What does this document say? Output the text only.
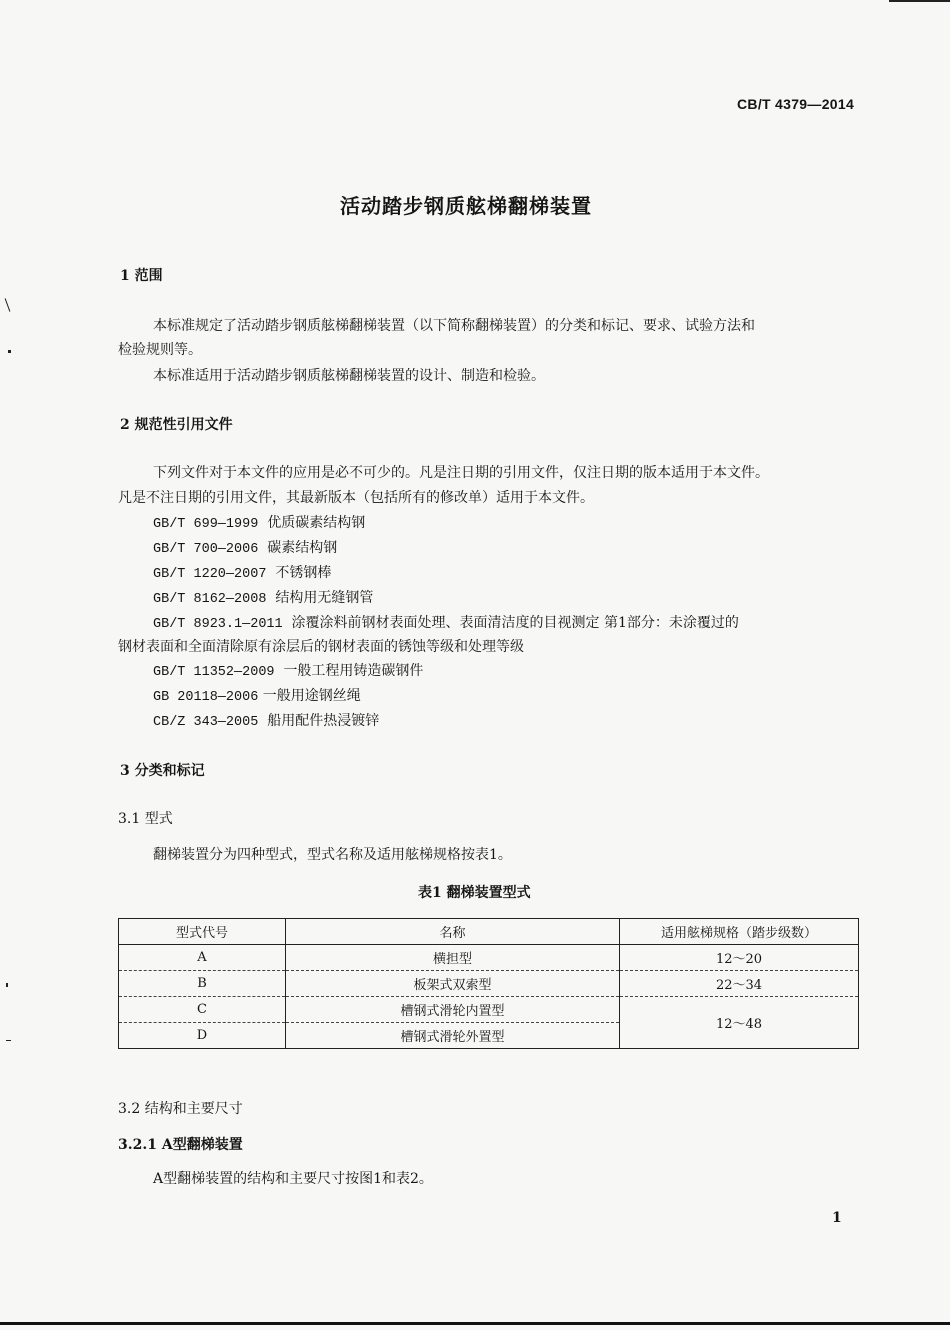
CB/T 4379—2014
活动踏步钢质舷梯翻梯装置
1 范围
本标准规定了活动踏步钢质舷梯翻梯装置（以下简称翻梯装置）的分类和标记、要求、试验方法和
检验规则等。
本标准适用于活动踏步钢质舷梯翻梯装置的设计、制造和检验。
2 规范性引用文件
下列文件对于本文件的应用是必不可少的。凡是注日期的引用文件，仅注日期的版本适用于本文件。
凡是不注日期的引用文件，其最新版本（包括所有的修改单）适用于本文件。
GB/T 699—1999 优质碳素结构钢
GB/T 700—2006 碳素结构钢
GB/T 1220—2007 不锈钢棒
GB/T 8162—2008 结构用无缝钢管
GB/T 8923.1—2011 涂覆涂料前钢材表面处理、表面清洁度的目视测定 第1部分：未涂覆过的
钢材表面和全面清除原有涂层后的钢材表面的锈蚀等级和处理等级
GB/T 11352—2009 一般工程用铸造碳钢件
GB 20118—2006 一般用途钢丝绳
CB/Z 343—2005 船用配件热浸镀锌
3 分类和标记
3.1 型式
翻梯装置分为四种型式，型式名称及适用舷梯规格按表1。
表1 翻梯装置型式
型式代号	名称	适用舷梯规格（踏步级数）
A	横担型	12～20
B	板架式双索型	22～34
C	槽钢式滑轮内置型	12～48
D	槽钢式滑轮外置型	
3.2 结构和主要尺寸
3.2.1 A型翻梯装置
A型翻梯装置的结构和主要尺寸按图1和表2。
1
